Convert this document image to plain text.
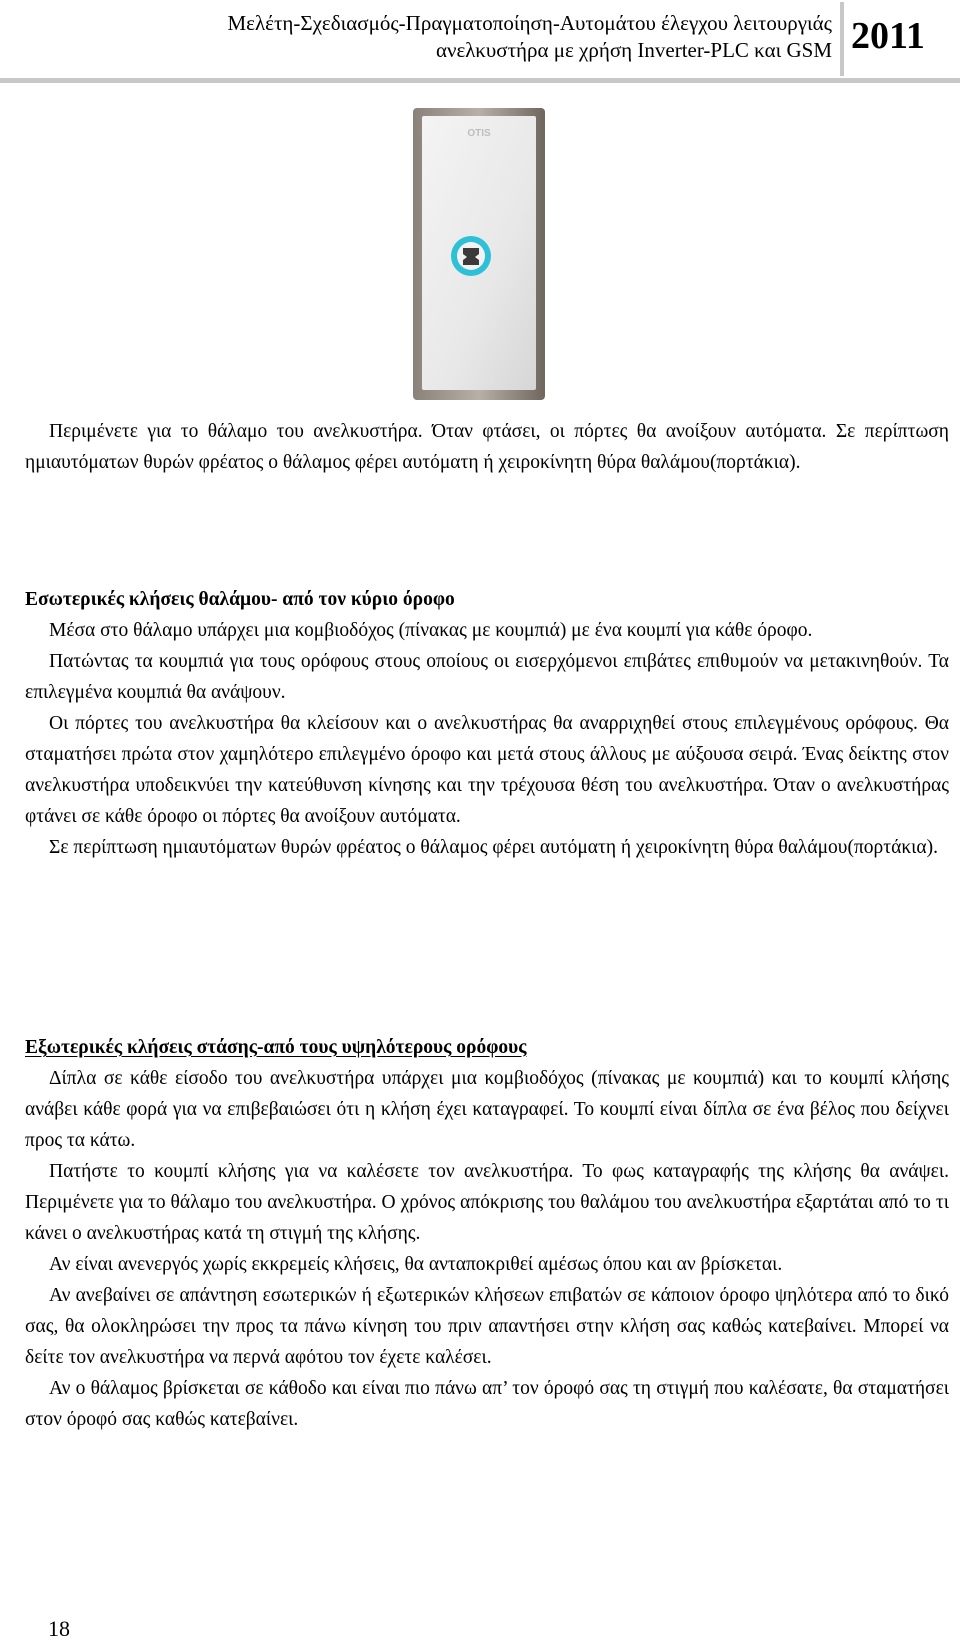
Μελέτη-Σχεδιασμός-Πραγματοποίηση-Αυτομάτου έλεγχου λειτουργιάς
ανελκυστήρα με χρήση Inverter-PLC και GSM 2011
OTIS

Περιμένετε για το θάλαμο του ανελκυστήρα. Όταν φτάσει, οι πόρτες θα ανοίξουν αυτόματα. Σε περίπτωση ημιαυτόματων θυρών φρέατος ο θάλαμος φέρει αυτόματη ή χειροκίνητη θύρα θαλάμου(πορτάκια).

Εσωτερικές κλήσεις θαλάμου- από τον κύριο όροφο

Μέσα στο θάλαμο υπάρχει μια κομβιοδόχος (πίνακας με κουμπιά) με ένα κουμπί για κάθε όροφο.

Πατώντας τα κουμπιά για τους ορόφους στους οποίους οι εισερχόμενοι επιβάτες επιθυμούν να μετακινηθούν. Τα επιλεγμένα κουμπιά θα ανάψουν.

Οι πόρτες του ανελκυστήρα θα κλείσουν και ο ανελκυστήρας θα αναρριχηθεί στους επιλεγμένους ορόφους. Θα σταματήσει πρώτα στον χαμηλότερο επιλεγμένο όροφο και μετά στους άλλους με αύξουσα σειρά. Ένας δείκτης στον ανελκυστήρα υποδεικνύει την κατεύθυνση κίνησης και την τρέχουσα θέση του ανελκυστήρα. Όταν ο ανελκυστήρας φτάνει σε κάθε όροφο οι πόρτες θα ανοίξουν αυτόματα.

Σε περίπτωση ημιαυτόματων θυρών φρέατος ο θάλαμος φέρει αυτόματη ή χειροκίνητη θύρα θαλάμου(πορτάκια).

Εξωτερικές κλήσεις στάσης-από τους υψηλότερους ορόφους

Δίπλα σε κάθε είσοδο του ανελκυστήρα υπάρχει μια κομβιοδόχος (πίνακας με κουμπιά) και το κουμπί κλήσης ανάβει κάθε φορά για να επιβεβαιώσει ότι η κλήση έχει καταγραφεί. Το κουμπί είναι δίπλα σε ένα βέλος που δείχνει προς τα κάτω.

Πατήστε το κουμπί κλήσης για να καλέσετε τον ανελκυστήρα. Το φως καταγραφής της κλήσης θα ανάψει. Περιμένετε για το θάλαμο του ανελκυστήρα. Ο χρόνος απόκρισης του θαλάμου του ανελκυστήρα εξαρτάται από το τι κάνει ο ανελκυστήρας κατά τη στιγμή της κλήσης.

Αν είναι ανενεργός χωρίς εκκρεμείς κλήσεις, θα ανταποκριθεί αμέσως όπου και αν βρίσκεται.

Αν ανεβαίνει σε απάντηση εσωτερικών ή εξωτερικών κλήσεων επιβατών σε κάποιον όροφο ψηλότερα από το δικό σας, θα ολοκληρώσει την προς τα πάνω κίνηση του πριν απαντήσει στην κλήση σας καθώς κατεβαίνει. Μπορεί να δείτε τον ανελκυστήρα να περνά αφότου τον έχετε καλέσει.

Αν ο θάλαμος βρίσκεται σε κάθοδο και είναι πιο πάνω απ’ τον όροφό σας τη στιγμή που καλέσατε, θα σταματήσει στον όροφό σας καθώς κατεβαίνει.

18
